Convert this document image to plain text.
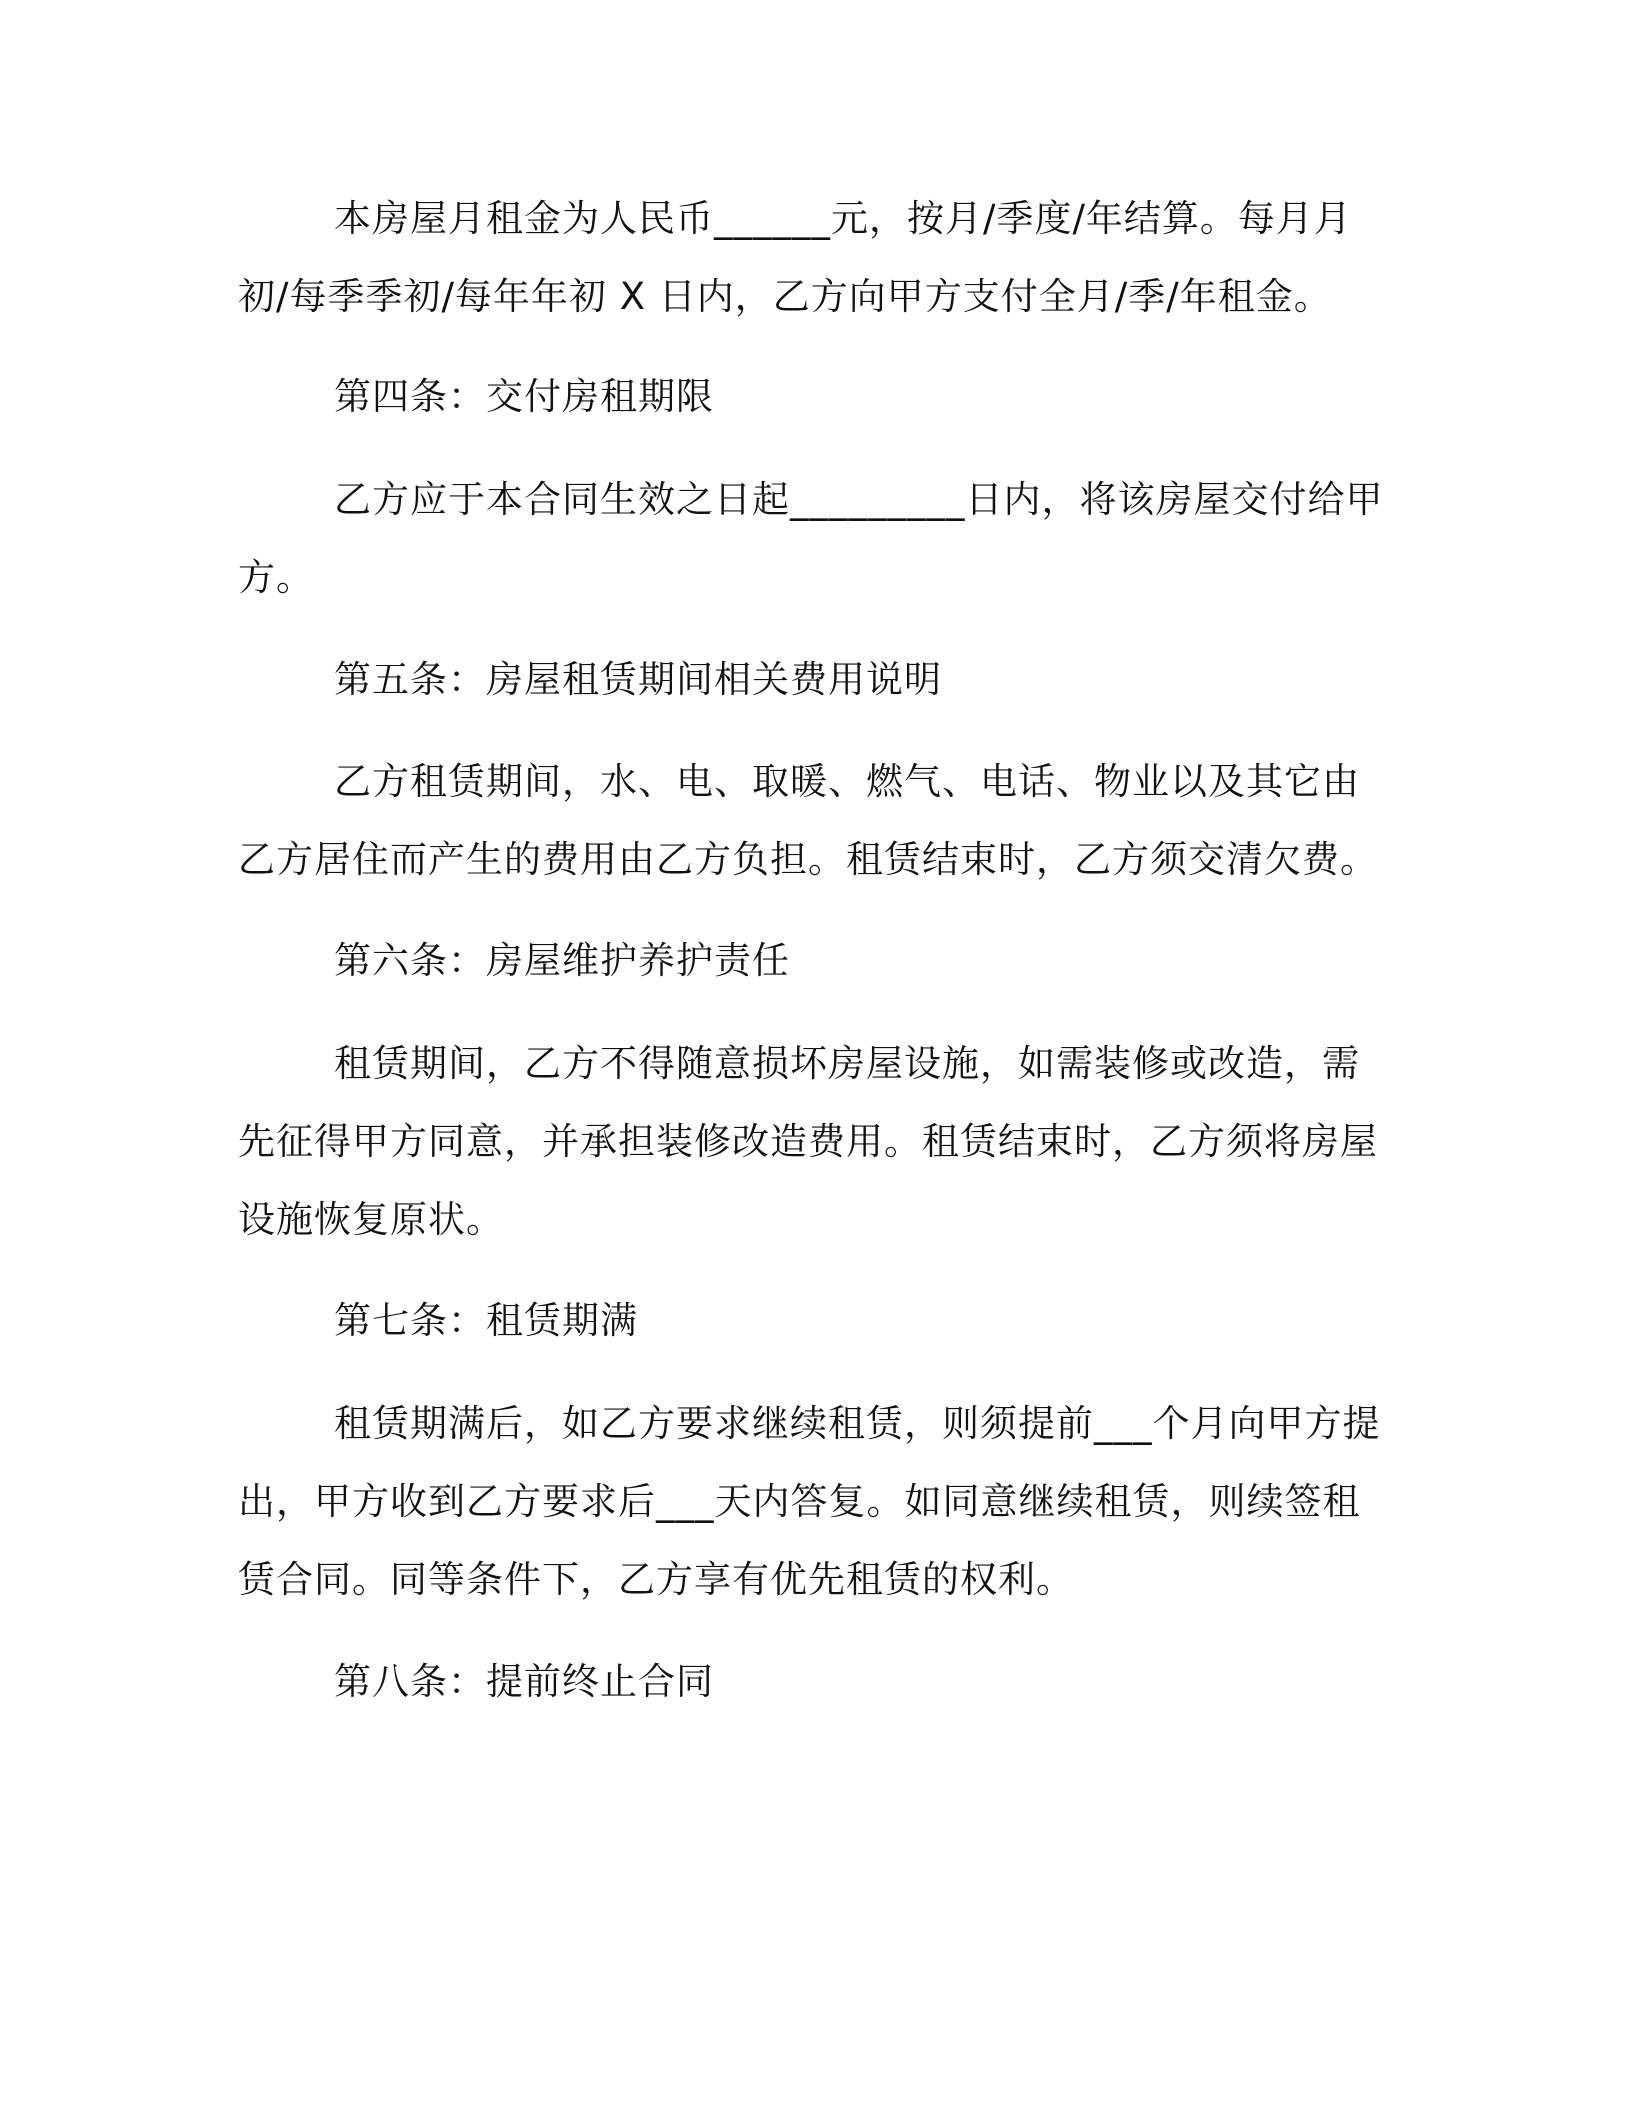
本房屋月租金为人民币______元，按月/季度/年结算。每月月初/每季季初/每年年初 X 日内，乙方向甲方支付全月/季/年租金。

第四条：交付房租期限

乙方应于本合同生效之日起_________日内，将该房屋交付给甲方。

第五条：房屋租赁期间相关费用说明

乙方租赁期间，水、电、取暖、燃气、电话、物业以及其它由乙方居住而产生的费用由乙方负担。租赁结束时，乙方须交清欠费。

第六条：房屋维护养护责任

租赁期间，乙方不得随意损坏房屋设施，如需装修或改造，需先征得甲方同意，并承担装修改造费用。租赁结束时，乙方须将房屋设施恢复原状。

第七条：租赁期满

租赁期满后，如乙方要求继续租赁，则须提前___个月向甲方提出，甲方收到乙方要求后___天内答复。如同意继续租赁，则续签租赁合同。同等条件下，乙方享有优先租赁的权利。

第八条：提前终止合同
